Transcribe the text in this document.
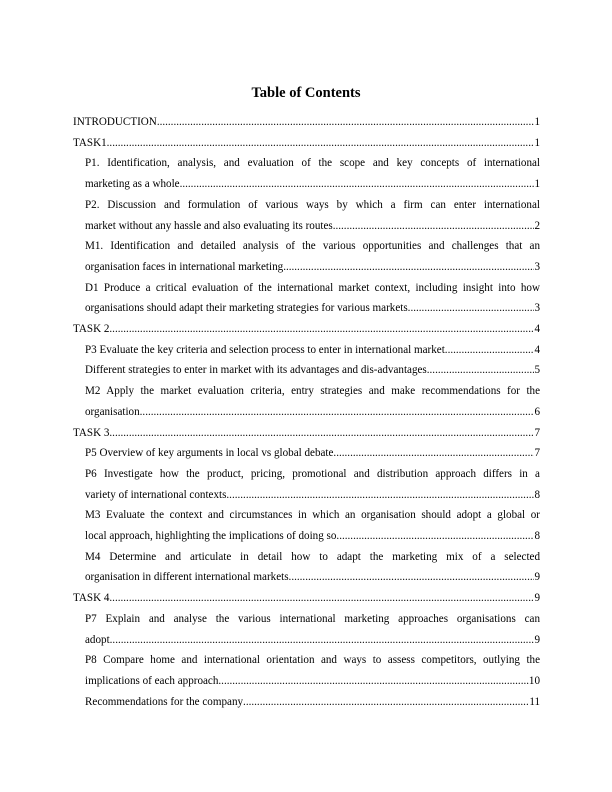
Table of Contents
INTRODUCTION .....	1
TASK1 .....	1
P1. Identification, analysis, and evaluation of the scope and key concepts of international
marketing as a whole .....	1
P2. Discussion and formulation of various ways by which a firm can enter international
market without any hassle and also evaluating its routes .....	2
M1. Identification and detailed analysis of the various opportunities and challenges that an
organisation faces in international marketing .....	3
D1 Produce a critical evaluation of the international market context, including insight into how
organisations should adapt their marketing strategies for various markets .....	3
TASK 2 .....	4
P3 Evaluate the key criteria and selection process to enter in international market .....	4
Different strategies to enter in market with its advantages and dis-advantages .....	5
M2 Apply the market evaluation criteria, entry strategies and make recommendations for the
organisation .....	6
TASK 3 .....	7
P5 Overview of key arguments in local vs global debate .....	7
P6 Investigate how the product, pricing, promotional and distribution approach differs in a
variety of international contexts .....	8
M3 Evaluate the context and circumstances in which an organisation should adopt a global or
local approach, highlighting the implications of doing so .....	8
M4 Determine and articulate in detail how to adapt the marketing mix of a selected
organisation in different international markets .....	9
TASK 4 .....	9
P7 Explain and analyse the various international marketing approaches organisations can
adopt .....	9
P8 Compare home and international orientation and ways to assess competitors, outlying the
implications of each approach .....	10
Recommendations for the company .....	11
